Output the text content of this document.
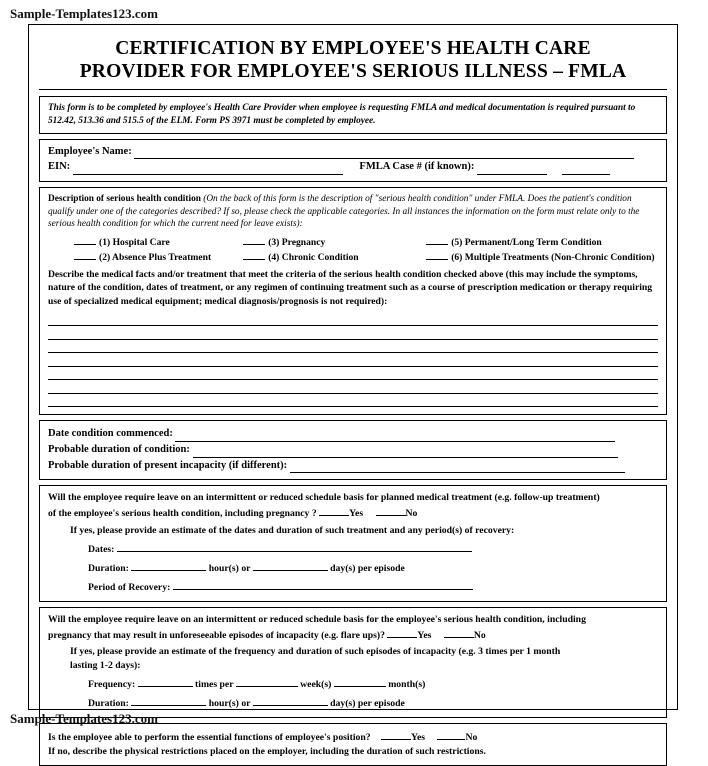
Sample-Templates123.com
CERTIFICATION BY EMPLOYEE'S HEALTH CARE
PROVIDER FOR EMPLOYEE'S SERIOUS ILLNESS – FMLA
This form is to be completed by employee's Health Care Provider when employee is requesting FMLA and medical documentation is required pursuant to 512.42, 513.36 and 515.5 of the ELM. Form PS 3971 must be completed by employee.
Employee's Name:
EIN:	FMLA Case # (if known):
Description of serious health condition (On the back of this form is the description of "serious health condition" under FMLA. Does the patient's condition qualify under one of the categories described? If so, please check the applicable categories. In all instances the information on the form must relate only to the serious health condition for which the current need for leave exists):
(1) Hospital Care	(3) Pregnancy	(5) Permanent/Long Term Condition
(2) Absence Plus Treatment	(4) Chronic Condition	(6) Multiple Treatments (Non-Chronic Condition)
Describe the medical facts and/or treatment that meet the criteria of the serious health condition checked above (this may include the symptoms, nature of the condition, dates of treatment, or any regimen of continuing treatment such as a course of prescription medication or therapy requiring use of specialized medical equipment; medical diagnosis/prognosis is not required):
Date condition commenced:
Probable duration of condition:
Probable duration of present incapacity (if different):
Will the employee require leave on an intermittent or reduced schedule basis for planned medical treatment (e.g. follow-up treatment)
of the employee's serious health condition, including pregnancy ?	Yes	No
If yes, please provide an estimate of the dates and duration of such treatment and any period(s) of recovery:
Dates:
Duration:	hour(s) or	day(s) per episode
Period of Recovery:
Will the employee require leave on an intermittent or reduced schedule basis for the employee's serious health condition, including
pregnancy that may result in unforeseeable episodes of incapacity (e.g. flare ups)?	Yes	No
If yes, please provide an estimate of the frequency and duration of such episodes of incapacity (e.g. 3 times per 1 month
lasting 1-2 days):
Frequency:	times per	week(s)	month(s)
Duration:	hour(s) or	day(s) per episode
Is the employee able to perform the essential functions of employee's position?	Yes	No
If no, describe the physical restrictions placed on the employer, including the duration of such restrictions.
Sample-Templates123.com
